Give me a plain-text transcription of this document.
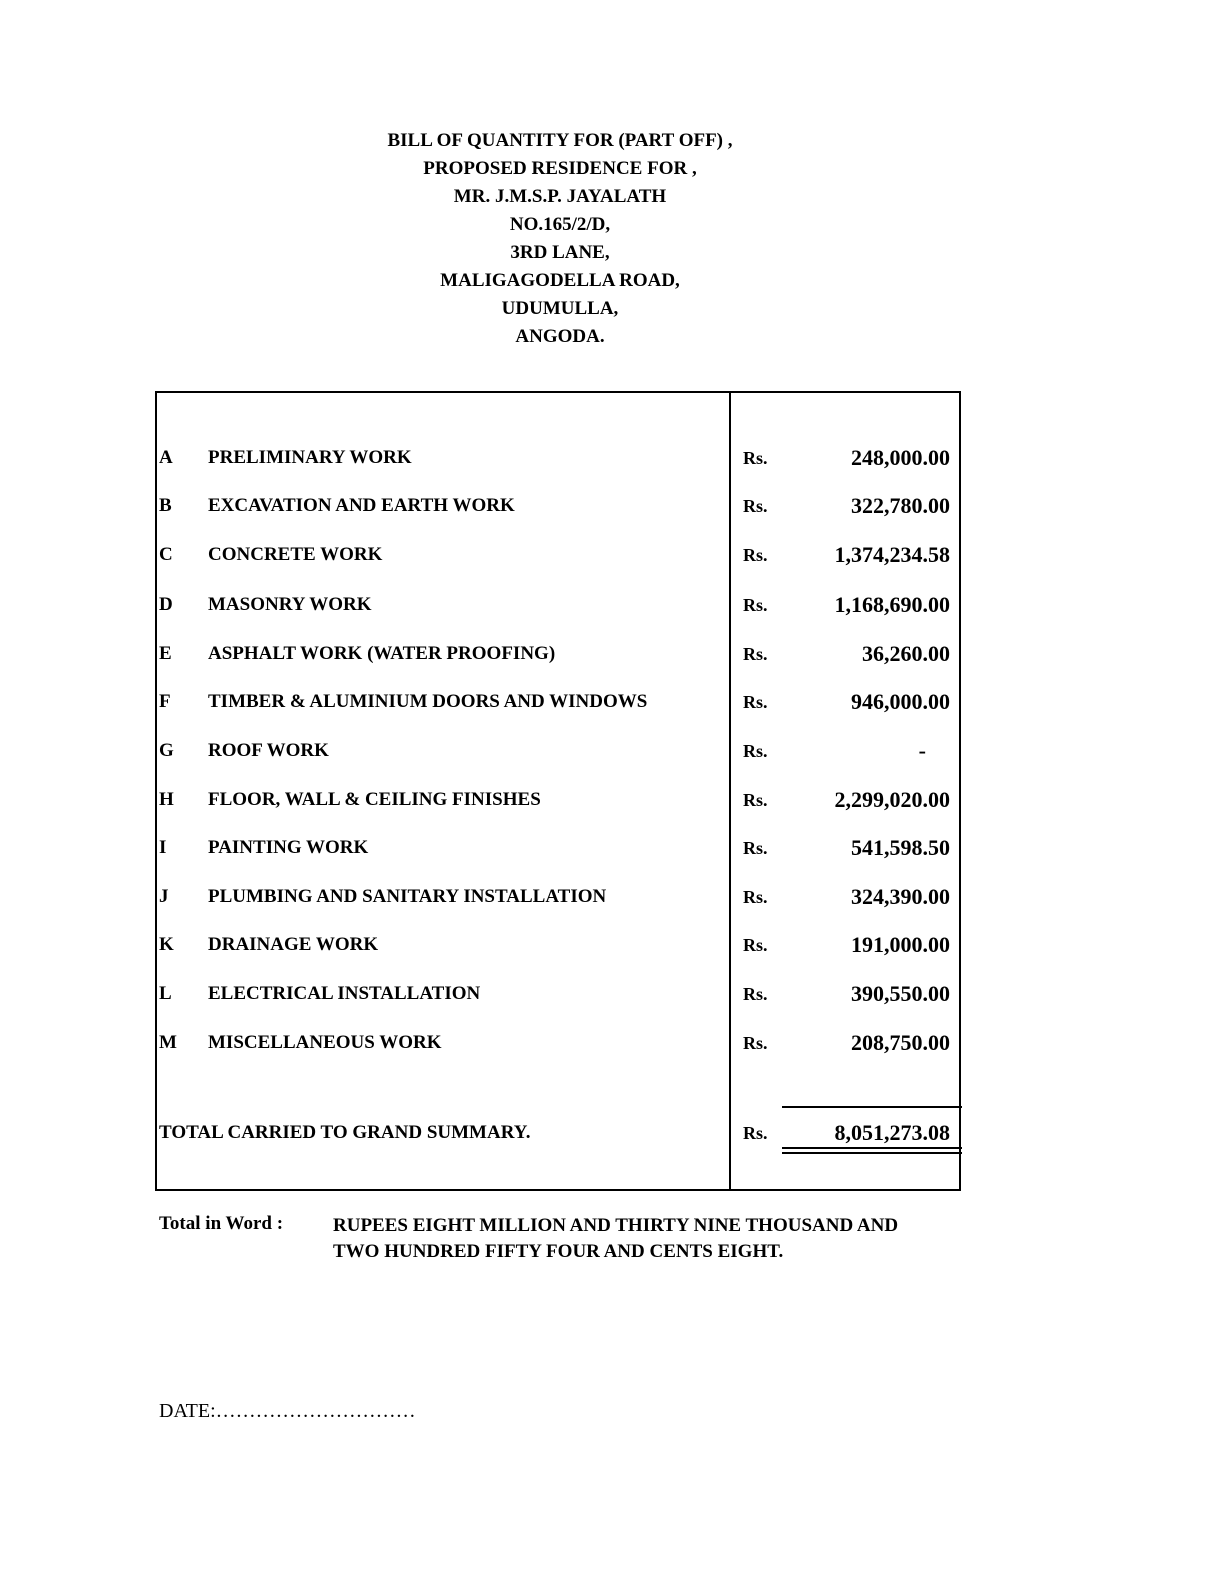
BILL OF QUANTITY FOR (PART OFF) ,
PROPOSED RESIDENCE FOR ,
MR. J.M.S.P. JAYALATH
NO.165/2/D,
3RD LANE,
MALIGAGODELLA ROAD,
UDUMULLA,
ANGODA.
A PRELIMINARY WORK	Rs.	248,000.00
B EXCAVATION AND EARTH WORK	Rs.	322,780.00
C CONCRETE WORK	Rs.	1,374,234.58
D MASONRY WORK	Rs.	1,168,690.00
E ASPHALT WORK (WATER PROOFING)	Rs.	36,260.00
F TIMBER & ALUMINIUM DOORS AND WINDOWS	Rs.	946,000.00
G ROOF WORK	Rs.	-
H FLOOR, WALL & CEILING FINISHES	Rs.	2,299,020.00
I PAINTING WORK	Rs.	541,598.50
J PLUMBING AND SANITARY INSTALLATION	Rs.	324,390.00
K DRAINAGE WORK	Rs.	191,000.00
L ELECTRICAL INSTALLATION	Rs.	390,550.00
M MISCELLANEOUS WORK	Rs.	208,750.00
TOTAL CARRIED TO GRAND SUMMARY.	Rs.	8,051,273.08
Total in Word :	RUPEES EIGHT MILLION AND THIRTY NINE THOUSAND AND
TWO HUNDRED FIFTY FOUR AND CENTS EIGHT.
DATE:…………………………
